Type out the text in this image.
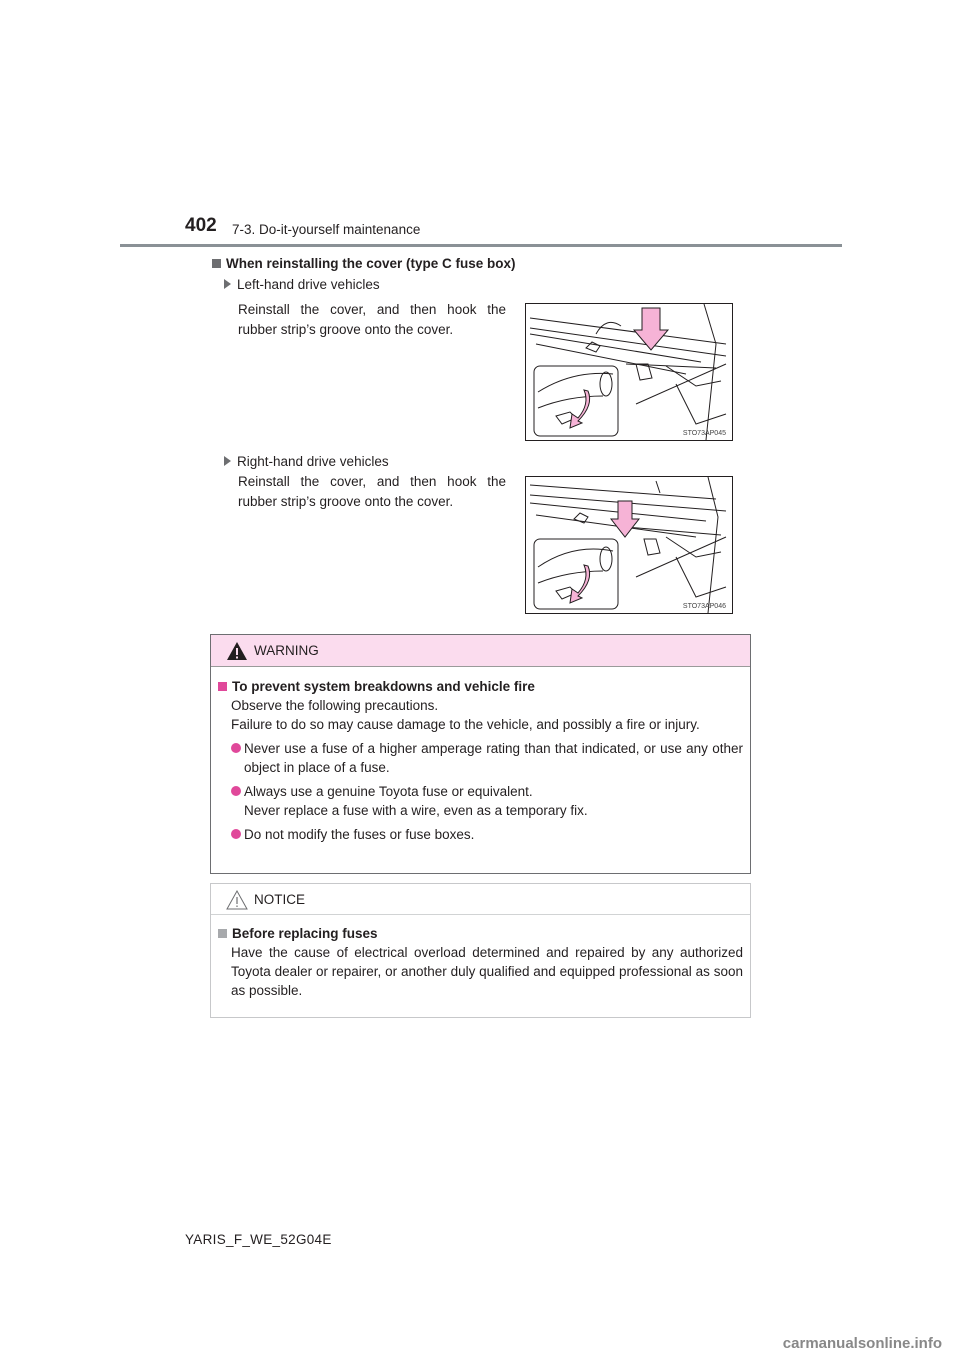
402 7-3. Do-it-yourself maintenance
When reinstalling the cover (type C fuse box)
Left-hand drive vehicles
Reinstall the cover, and then hook the rubber strip’s groove onto the cover.
STO73AP045
Right-hand drive vehicles
Reinstall the cover, and then hook the rubber strip’s groove onto the cover.
STO73AP046
WARNING
To prevent system breakdowns and vehicle fire
Observe the following precautions.
Failure to do so may cause damage to the vehicle, and possibly a fire or injury.
Never use a fuse of a higher amperage rating than that indicated, or use any other object in place of a fuse.
Always use a genuine Toyota fuse or equivalent.
Never replace a fuse with a wire, even as a temporary fix.
Do not modify the fuses or fuse boxes.
NOTICE
Before replacing fuses
Have the cause of electrical overload determined and repaired by any authorized Toyota dealer or repairer, or another duly qualified and equipped professional as soon as possible.
YARIS_F_WE_52G04E
carmanualsonline.info
